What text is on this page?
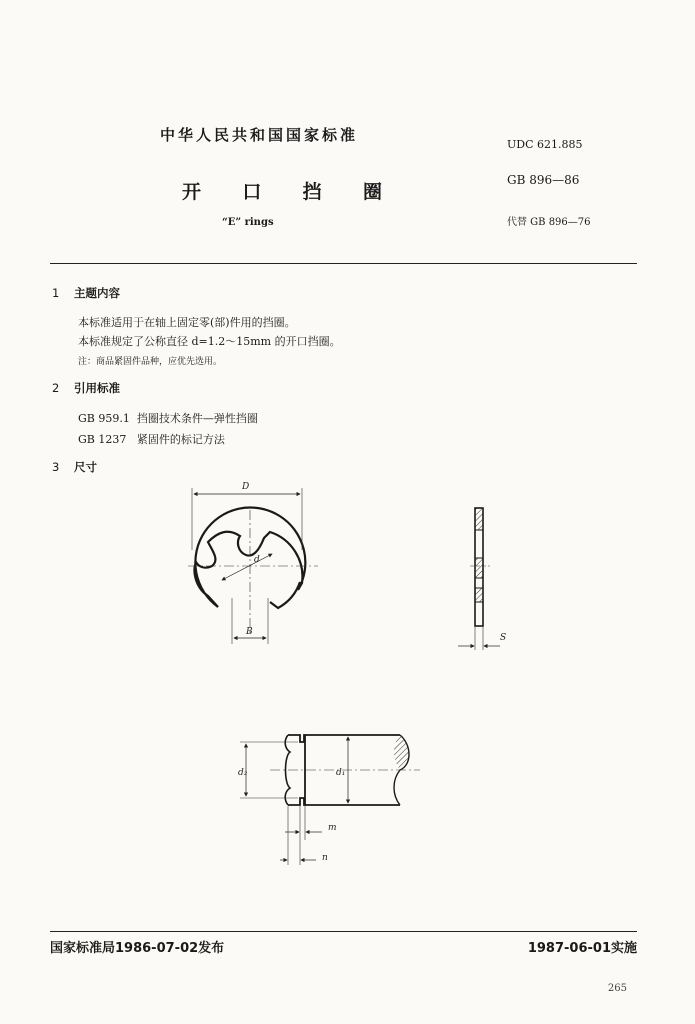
中华人民共和国国家标准
开 口 挡 圈
“E” rings
UDC 621.885
GB 896—86
代替 GB 896—76
1 主题内容
本标准适用于在轴上固定零(部)件用的挡圈。
本标准规定了公称直径 d=1.2～15mm 的开口挡圈。
注：商品紧固件品种，应优先选用。
2 引用标准
GB 959.1  挡圈技术条件—弹性挡圈
GB 1237   紧固件的标记方法
3 尺寸
D
d
B
S
d₂	d₁
m
n
国家标准局1986-07-02发布	1987-06-01实施
265
